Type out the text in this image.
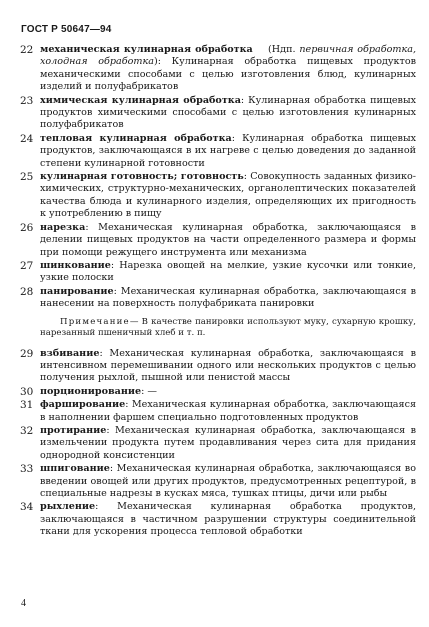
ГОСТ Р 50647—94
22 механическая кулинарная обработка (Ндп. первичная обработка, холодная обработка): Кулинарная обработка пищевых продуктов механическими способами с целью изготовления блюд, кулинарных изделий и полуфабрикатов
23 химическая кулинарная обработка: Кулинарная обработка пищевых продуктов химическими способами с целью изготовления кулинарных полуфабрикатов
24 тепловая кулинарная обработка: Кулинарная обработка пищевых продуктов, заключающаяся в их нагреве с целью доведения до заданной степени кулинарной готовности
25 кулинарная готовность; готовность: Совокупность заданных физико-химических, структурно-механических, органолептических показателей качества блюда и кулинарного изделия, определяющих их пригодность к употреблению в пищу
26 нарезка: Механическая кулинарная обработка, заключающаяся в делении пищевых продуктов на части определенного размера и формы при помощи режущего инструмента или механизма
27 шинкование: Нарезка овощей на мелкие, узкие кусочки или тонкие, узкие полоски
28 панирование: Механическая кулинарная обработка, заключающаяся в нанесении на поверхность полуфабриката панировки
Примечание— В качестве панировки используют муку, сухарную крошку, нарезанный пшеничный хлеб и т. п.
29 взбивание: Механическая кулинарная обработка, заключающаяся в интенсивном перемешивании одного или нескольких продуктов с целью получения рыхлой, пышной или пенистой массы
30 порционирование: —
31 фарширование: Механическая кулинарная обработка, заключающаяся в наполнении фаршем специально подготовленных продуктов
32 протирание: Механическая кулинарная обработка, заключающаяся в измельчении продукта путем продавливания через сита для придания однородной консистенции
33 шпигование: Механическая кулинарная обработка, заключающаяся во введении овощей или других продуктов, предусмотренных рецептурой, в специальные надрезы в кусках мяса, тушках птицы, дичи или рыбы
34 рыхление: Механическая кулинарная обработка продуктов, заключающаяся в частичном разрушении структуры соединительной ткани для ускорения процесса тепловой обработки
4
